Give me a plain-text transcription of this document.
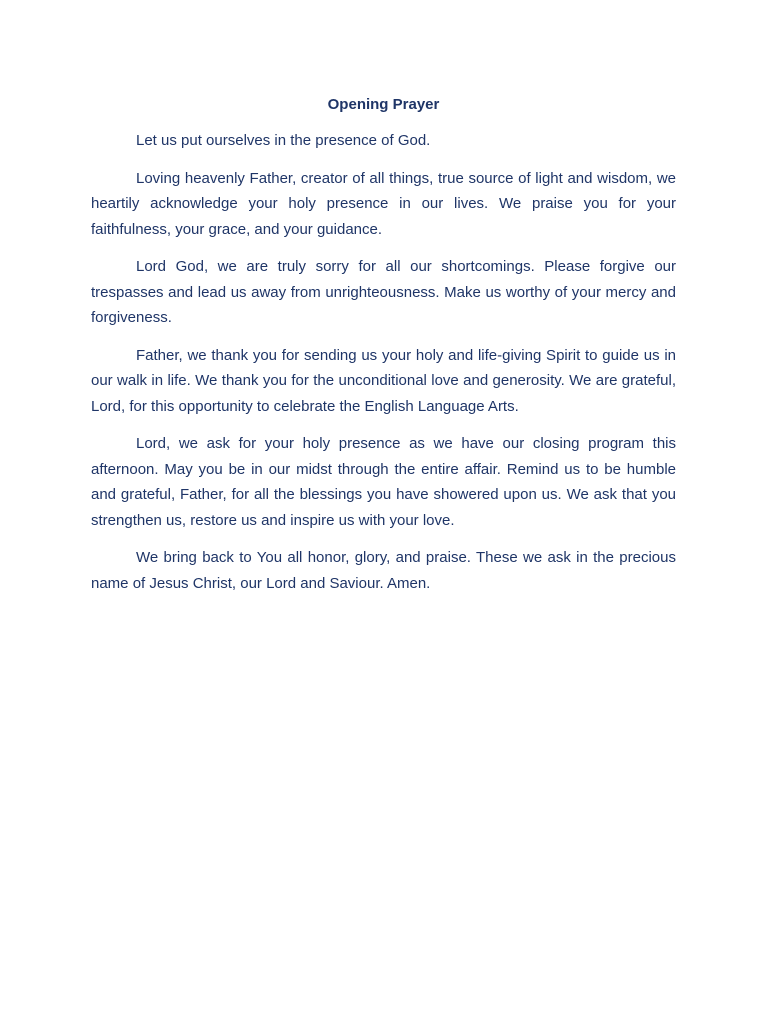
Opening Prayer

Let us put ourselves in the presence of God.

Loving heavenly Father, creator of all things, true source of light and wisdom, we heartily acknowledge your holy presence in our lives. We praise you for your faithfulness, your grace, and your guidance.

Lord God, we are truly sorry for all our shortcomings. Please forgive our trespasses and lead us away from unrighteousness. Make us worthy of your mercy and forgiveness.

Father, we thank you for sending us your holy and life-giving Spirit to guide us in our walk in life. We thank you for the unconditional love and generosity. We are grateful, Lord, for this opportunity to celebrate the English Language Arts.

Lord, we ask for your holy presence as we have our closing program this afternoon. May you be in our midst through the entire affair. Remind us to be humble and grateful, Father, for all the blessings you have showered upon us. We ask that you strengthen us, restore us and inspire us with your love.

We bring back to You all honor, glory, and praise. These we ask in the precious name of Jesus Christ, our Lord and Saviour. Amen.
